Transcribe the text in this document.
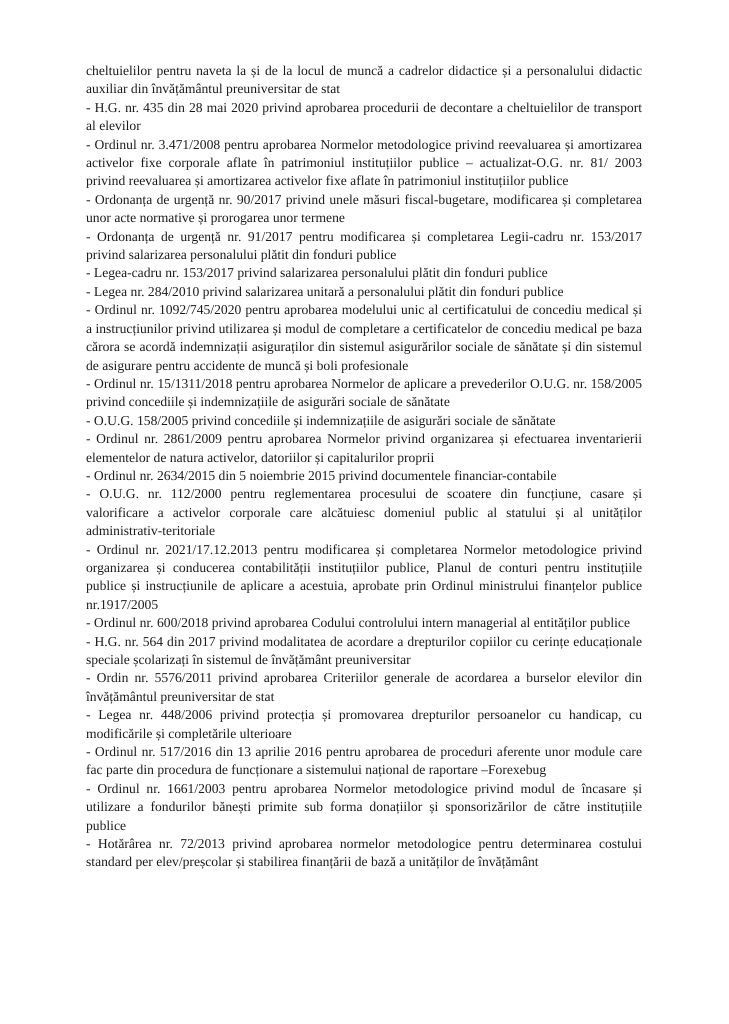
cheltuielilor pentru naveta la și de la locul de muncă a cadrelor didactice și a personalului didactic auxiliar din învățământul preuniversitar de stat

- H.G. nr. 435 din 28 mai 2020 privind aprobarea procedurii de decontare a cheltuielilor de transport al elevilor

- Ordinul nr. 3.471/2008 pentru aprobarea Normelor metodologice privind reevaluarea și amortizarea activelor fixe corporale aflate în patrimoniul instituțiilor publice – actualizat-O.G. nr. 81/ 2003 privind reevaluarea și amortizarea activelor fixe aflate în patrimoniul instituțiilor publice

- Ordonanța de urgență nr. 90/2017 privind unele măsuri fiscal-bugetare, modificarea și completarea unor acte normative și prorogarea unor termene

- Ordonanța de urgență nr. 91/2017 pentru modificarea și completarea Legii-cadru nr. 153/2017 privind salarizarea personalului plătit din fonduri publice

- Legea-cadru nr. 153/2017 privind salarizarea personalului plătit din fonduri publice

- Legea nr. 284/2010 privind salarizarea unitară a personalului plătit din fonduri publice

- Ordinul nr. 1092/745/2020 pentru aprobarea modelului unic al certificatului de concediu medical și a instrucțiunilor privind utilizarea și modul de completare a certificatelor de concediu medical pe baza cărora se acordă indemnizații asiguraților din sistemul asigurărilor sociale de sănătate și din sistemul de asigurare pentru accidente de muncă și boli profesionale

- Ordinul nr. 15/1311/2018 pentru aprobarea Normelor de aplicare a prevederilor O.U.G. nr. 158/2005 privind concediile și indemnizațiile de asigurări sociale de sănătate

- O.U.G. 158/2005 privind concediile și indemnizațiile de asigurări sociale de sănătate

- Ordinul nr. 2861/2009 pentru aprobarea Normelor privind organizarea și efectuarea inventarierii elementelor de natura activelor, datoriilor și capitalurilor proprii

- Ordinul nr. 2634/2015 din 5 noiembrie 2015 privind documentele financiar-contabile

- O.U.G. nr. 112/2000 pentru reglementarea procesului de scoatere din funcțiune, casare și valorificare a activelor corporale care alcătuiesc domeniul public al statului și al unităților administrativ-teritoriale

- Ordinul nr. 2021/17.12.2013 pentru modificarea și completarea Normelor metodologice privind organizarea și conducerea contabilității instituțiilor publice, Planul de conturi pentru instituțiile publice și instrucțiunile de aplicare a acestuia, aprobate prin Ordinul ministrului finanțelor publice nr.1917/2005

- Ordinul nr. 600/2018 privind aprobarea Codului controlului intern managerial al entităților publice

- H.G. nr. 564 din 2017 privind modalitatea de acordare a drepturilor copiilor cu cerințe educaționale speciale școlarizați în sistemul de învățământ preuniversitar

- Ordin nr. 5576/2011 privind aprobarea Criteriilor generale de acordarea a burselor elevilor din învățământul preuniversitar de stat

- Legea nr. 448/2006 privind protecția și promovarea drepturilor persoanelor cu handicap, cu modificările și completările ulterioare

- Ordinul nr. 517/2016 din 13 aprilie 2016 pentru aprobarea de proceduri aferente unor module care fac parte din procedura de funcționare a sistemului național de raportare –Forexebug

- Ordinul nr. 1661/2003 pentru aprobarea Normelor metodologice privind modul de încasare și utilizare a fondurilor bănești primite sub forma donațiilor și sponsorizărilor de către instituțiile publice

- Hotărârea nr. 72/2013 privind aprobarea normelor metodologice pentru determinarea costului standard per elev/preșcolar și stabilirea finanțării de bază a unităților de învățământ
